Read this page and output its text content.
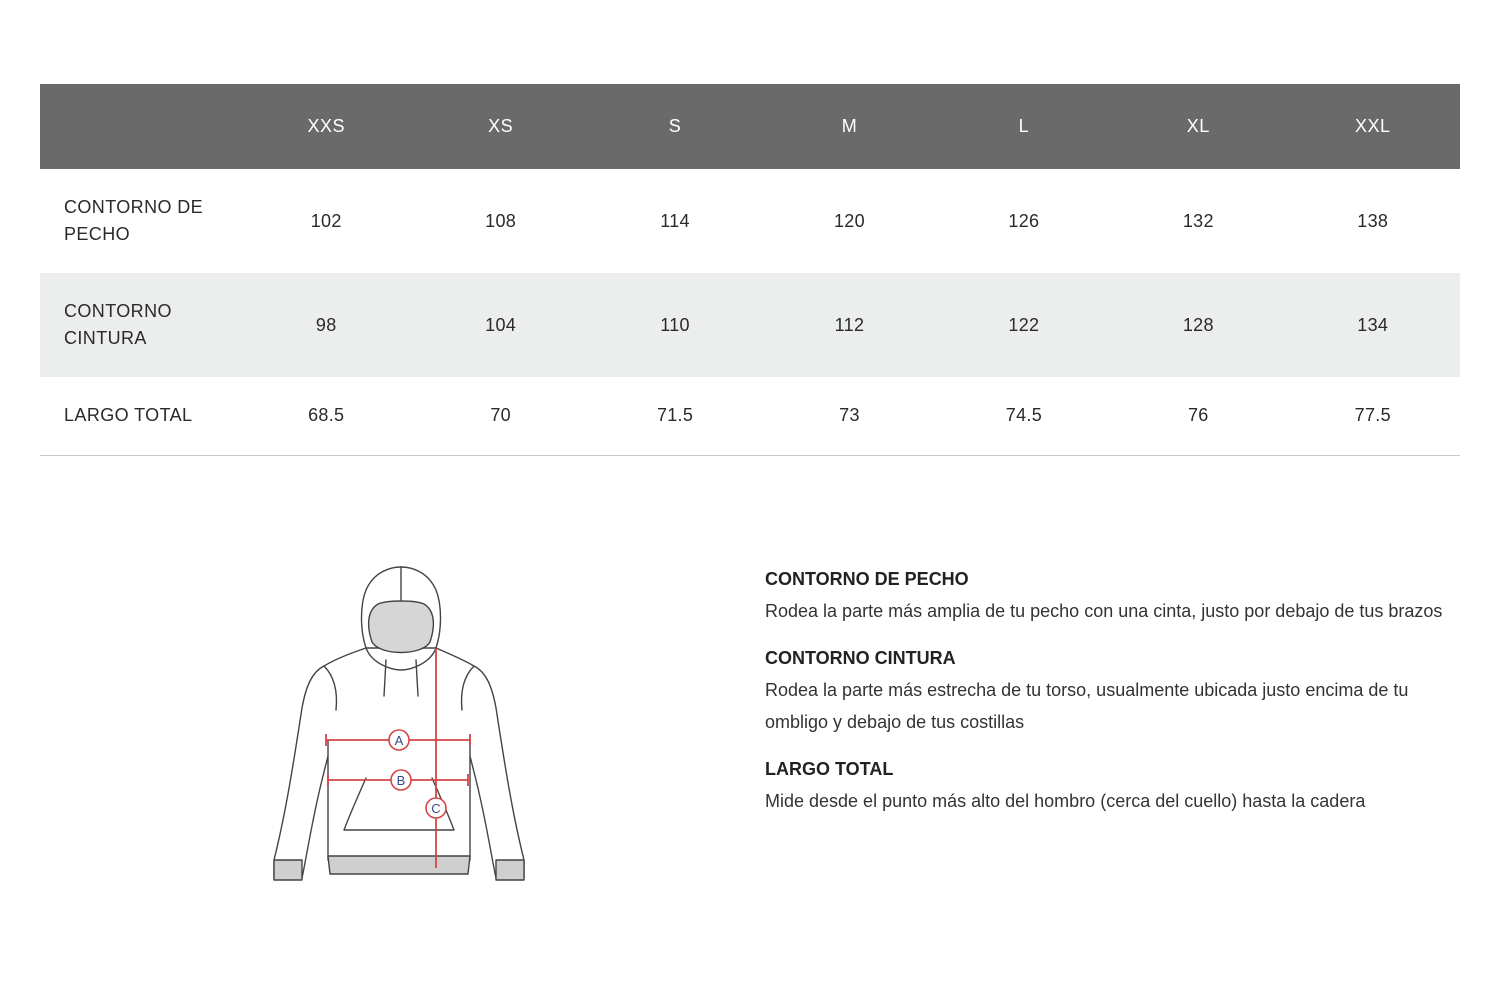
	XXS	XS	S	M	L	XL	XXL
CONTORNO DE PECHO	102	108	114	120	126	132	138
CONTORNO CINTURA	98	104	110	112	122	128	134
LARGO TOTAL	68.5	70	71.5	73	74.5	76	77.5
A
B
C

CONTORNO DE PECHO

Rodea la parte más amplia de tu pecho con una cinta, justo por debajo de tus brazos

CONTORNO CINTURA

Rodea la parte más estrecha de tu torso, usualmente ubicada justo encima de tu ombligo y debajo de tus costillas

LARGO TOTAL

Mide desde el punto más alto del hombro (cerca del cuello) hasta la cadera
